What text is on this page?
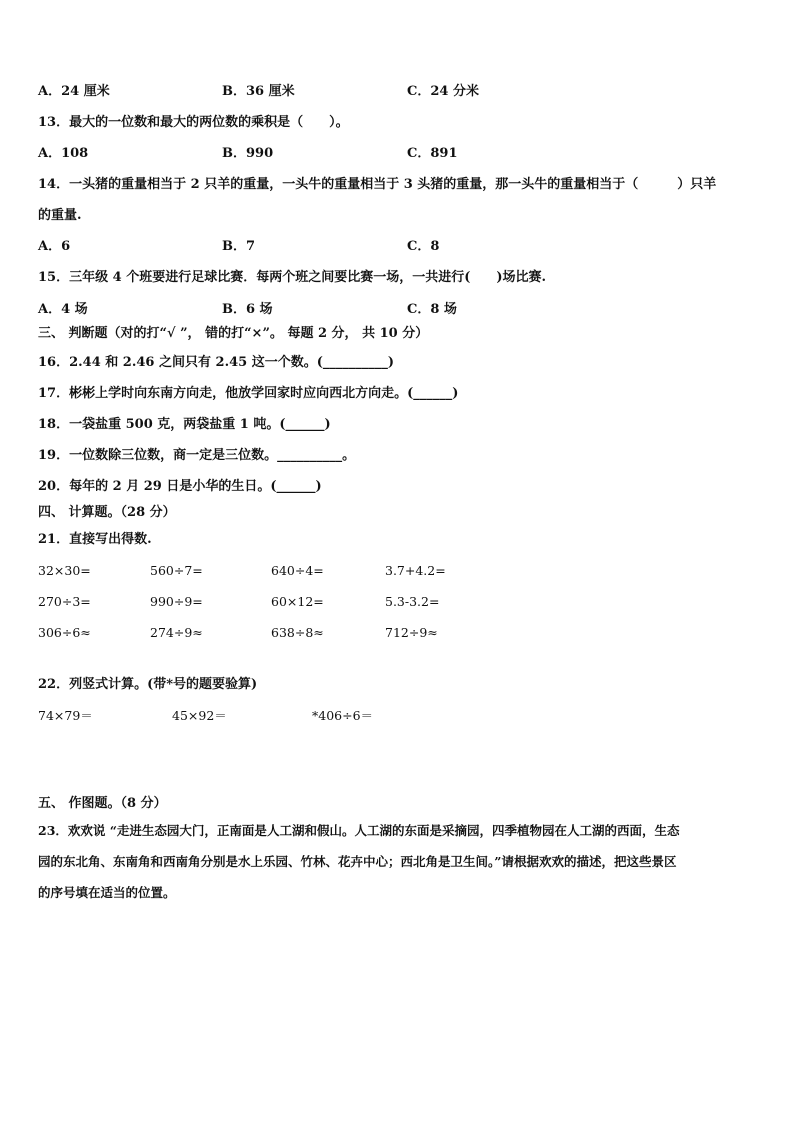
A．24 厘米	B．36 厘米	C．24 分米
13．最大的一位数和最大的两位数的乘积是（　　）。
A．108	B．990	C．891
14．一头猪的重量相当于 2 只羊的重量，一头牛的重量相当于 3 头猪的重量，那一头牛的重量相当于（　　　）只羊
的重量.
A．6	B．7	C．8
15．三年级 4 个班要进行足球比赛．每两个班之间要比赛一场，一共进行(　　)场比赛.
A．4 场	B．6 场	C．8 场
三、 判断题（对的打“√ ”， 错的打“×”。 每题 2 分， 共 10 分）
16．2.44 和 2.46 之间只有 2.45 这一个数。(__________)
17．彬彬上学时向东南方向走，他放学回家时应向西北方向走。(______)
18．一袋盐重 500 克，两袋盐重 1 吨。(______)
19．一位数除三位数，商一定是三位数。__________。
20．每年的 2 月 29 日是小华的生日。(______)
四、 计算题。（28 分）
21．直接写出得数.
32×30=	560÷7=	640÷4=	3.7+4.2=
270÷3=	990÷9=	60×12=	5.3-3.2=
306÷6≈	274÷9≈	638÷8≈	712÷9≈
22．列竖式计算。(带*号的题要验算)
74×79＝	45×92＝	*406÷6＝
五、 作图题。（8 分）
23．欢欢说 “走进生态园大门，正南面是人工湖和假山。人工湖的东面是采摘园，四季植物园在人工湖的西面，生态
园的东北角、东南角和西南角分别是水上乐园、竹林、花卉中心；西北角是卫生间。”请根据欢欢的描述，把这些景区
的序号填在适当的位置。
